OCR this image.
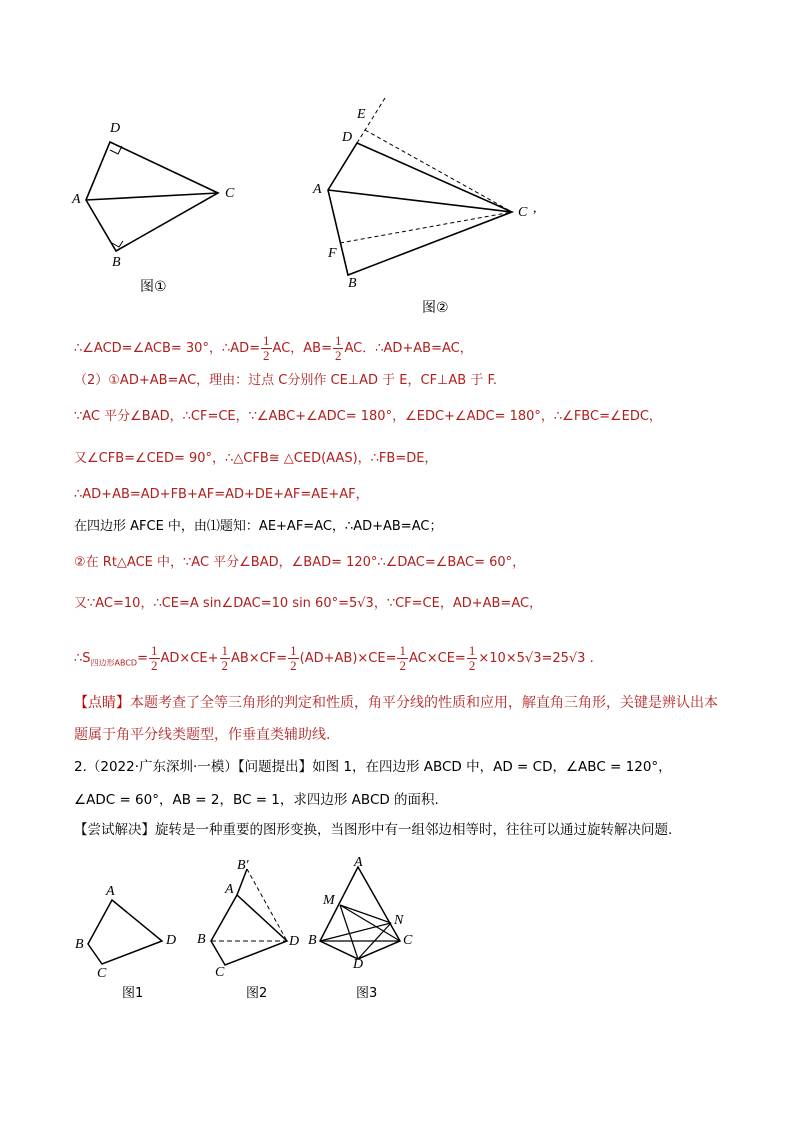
D
A	C
B
图①
E
D
A
C ,
F
B
图②
∴∠ACD=∠ACB= 30°，∴AD= $\frac{1}{2}$ AC，$AB= \frac{1}{2}$ AC．∴AD+AB=AC，
（2）①AD+AB=AC，理由：过点 C分别作 CE⊥AD 于 E，CF⊥AB 于 F.
∵AC 平分∠BAD，∴CF=CE，∵∠ABC+∠ADC= 180°，∠EDC+∠ADC= 180°，∴∠FBC=∠EDC，
又∠CFB=∠CED= 90°，∴△CFB≅ △CED(AAS)，∴FB=DE，
∴AD+AB=AD+FB+AF=AD+DE+AF=AE+AF，
在四边形 AFCE 中，由⑴题知：AE+AF=AC，∴AD+AB=AC；
②在 Rt△ACE 中，∵AC 平分∠BAD，∠BAD= 120°∴∠DAC=∠BAC= 60°，
又∵AC=10，∴CE=A sin∠DAC=10 sin 60°=5√3，∵CF=CE，AD+AB=AC，
$\therefore S_{四边形ABCD}= \frac{1}{2} AD\times CE+ \frac{1}{2} AB\times CF= \frac{1}{2} (AD+AB)\times CE= \frac{1}{2} AC\times CE= \frac{1}{2} \times 10\times 5√3=25√3$ .
【点睛】本题考查了全等三角形的判定和性质，角平分线的性质和应用，解直角三角形，关键是辨认出本
题属于角平分线类题型，作垂直类辅助线.
2.（2022·广东深圳·一模）【问题提出】如图 1，在四边形 ABCD 中，AD = CD，∠ABC = 120°，
∠ADC = 60°，AB = 2，BC = 1，求四边形 ABCD 的面积.
【尝试解决】旋转是一种重要的图形变换，当图形中有一组邻边相等时，往往可以通过旋转解决问题.
A
B	D
C
图1
B′
A
B	D
C
图2
A
M
N
B	C
D
图3
